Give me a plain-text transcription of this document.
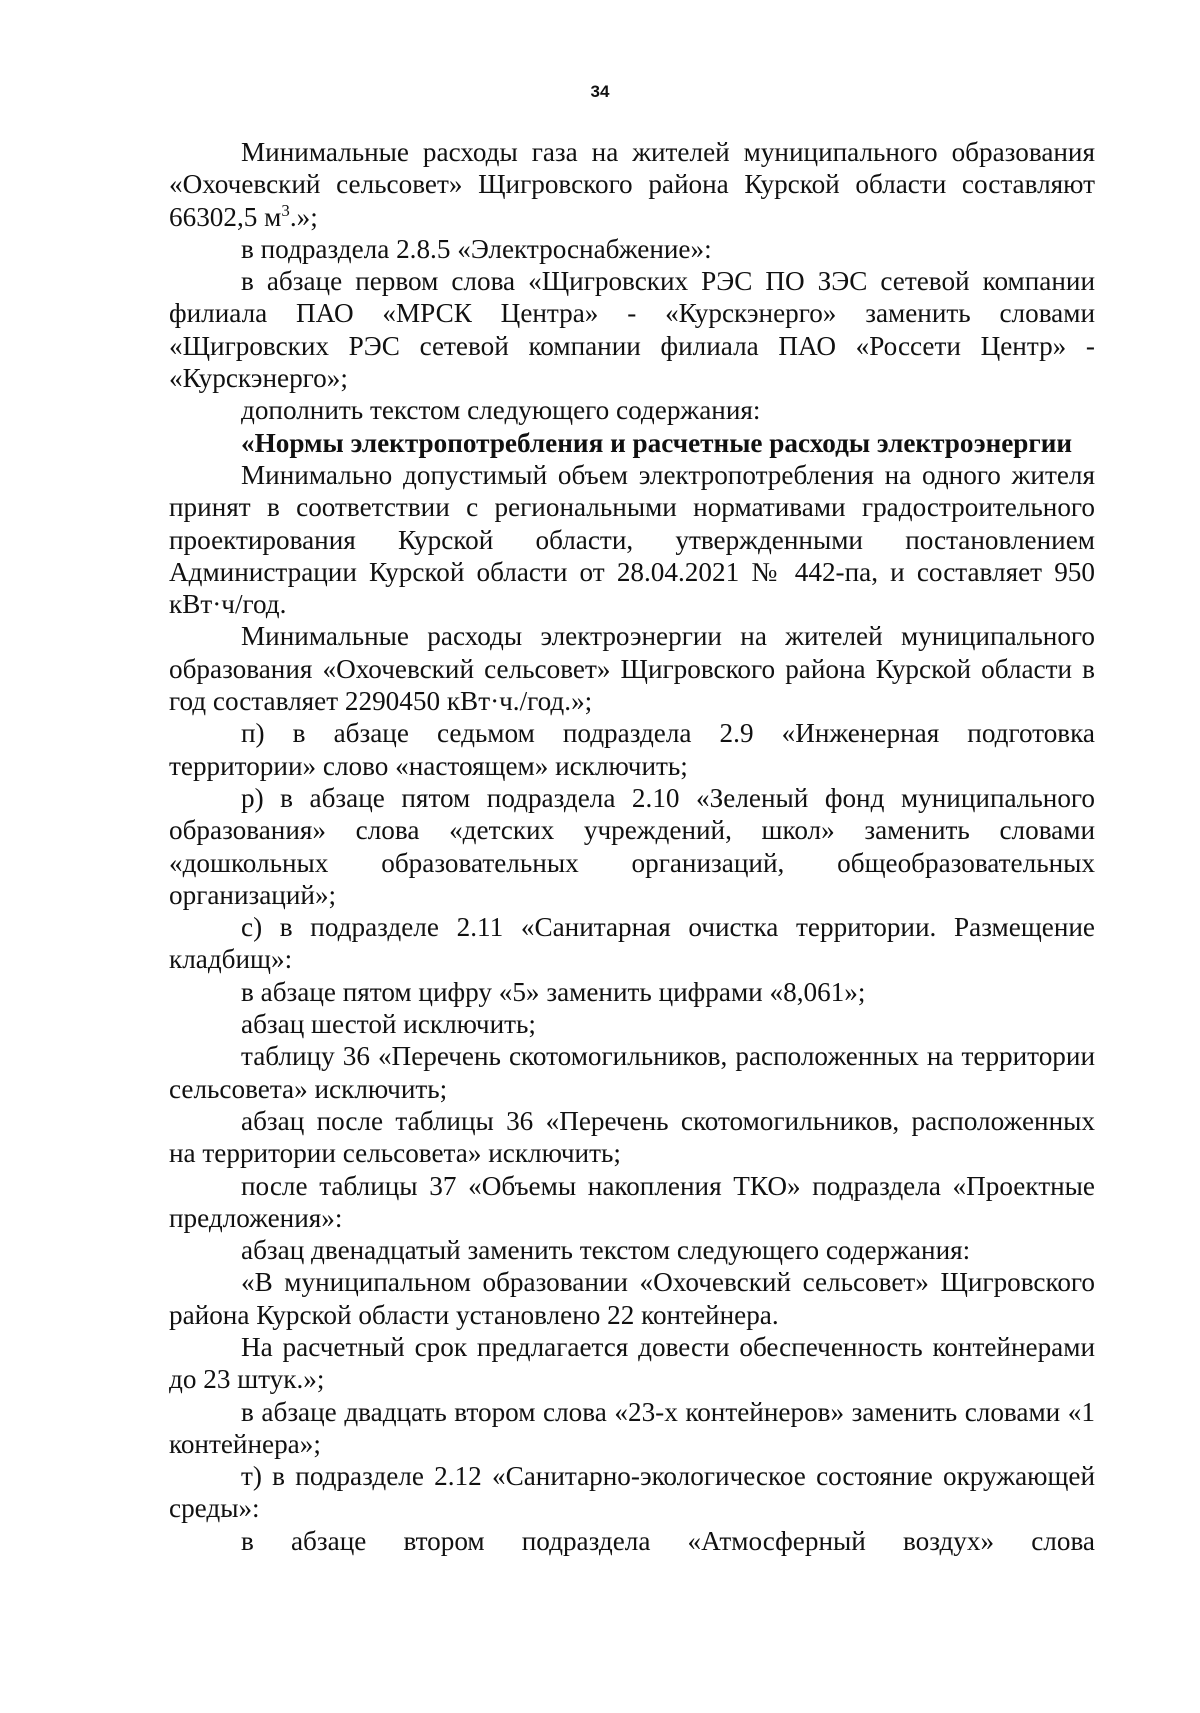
34

Минимальные расходы газа на жителей муниципального образования «Охочевский сельсовет» Щигровского района Курской области составляют 66302,5 $м^3$.»;

в подраздела 2.8.5 «Электроснабжение»:

в абзаце первом слова «Щигровских РЭС ПО ЗЭС сетевой компании филиала ПАО «МРСК Центра» - «Курскэнерго» заменить словами «Щигровских РЭС сетевой компании филиала ПАО «Россети Центр» - «Курскэнерго»;

дополнить текстом следующего содержания:

«Нормы электропотребления и расчетные расходы электроэнергии

Минимально допустимый объем электропотребления на одного жителя принят в соответствии с региональными нормативами градостроительного проектирования Курской области, утвержденными постановлением Администрации Курской области от 28.04.2021 № 442-па, и составляет 950 кВт·ч/год.

Минимальные расходы электроэнергии на жителей муниципального образования «Охочевский сельсовет» Щигровского района Курской области в год составляет 2290450 кВт·ч./год.»;

п) в абзаце седьмом подраздела 2.9 «Инженерная подготовка территории» слово «настоящем» исключить;

р) в абзаце пятом подраздела 2.10 «Зеленый фонд муниципального образования» слова «детских учреждений, школ» заменить словами «дошкольных образовательных организаций, общеобразовательных организаций»;

с) в подразделе 2.11 «Санитарная очистка территории. Размещение кладбищ»:

в абзаце пятом цифру «5» заменить цифрами «8,061»;

абзац шестой исключить;

таблицу 36 «Перечень скотомогильников, расположенных на территории сельсовета» исключить;

абзац после таблицы 36 «Перечень скотомогильников, расположенных на территории сельсовета» исключить;

после таблицы 37 «Объемы накопления ТКО» подраздела «Проектные предложения»:

абзац двенадцатый заменить текстом следующего содержания:

«В муниципальном образовании «Охочевский сельсовет» Щигровского района Курской области установлено 22 контейнера.

На расчетный срок предлагается довести обеспеченность контейнерами до 23 штук.»;

в абзаце двадцать втором слова «23-х контейнеров» заменить словами «1 контейнера»;

т) в подразделе 2.12 «Санитарно-экологическое состояние окружающей среды»:

в абзаце втором подраздела «Атмосферный воздух» слова
